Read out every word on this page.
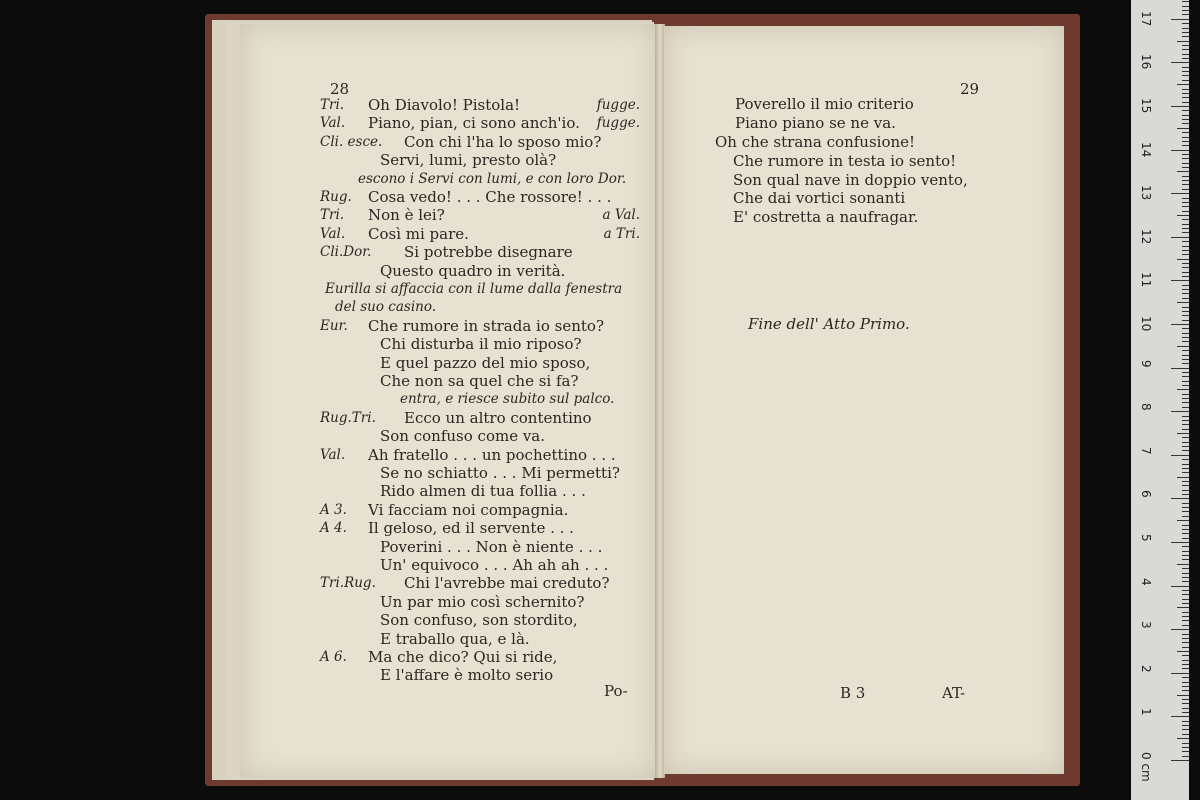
28
Tri. Oh Diavolo! Pistola!	fugge.
Val. Piano, pian, ci sono anch'io. fugge.
Cli. esce. Con chi l'ha lo sposo mio?
Servi, lumi, presto olà?
escono i Servi con lumi, e con loro Dor.
Rug. Cosa vedo! . . . Che rossore! . . .
Tri. Non è lei?	a Val.
Val. Così mi pare.	a Tri.
Cli.Dor. Si potrebbe disegnare
Questo quadro in verità.
Eurilla si affaccia con il lume dalla fenestra
del suo casino.
Eur. Che rumore in strada io sento?
Chi disturba il mio riposo?
E quel pazzo del mio sposo,
Che non sa quel che si fa?
entra, e riesce subito sul palco.
Rug.Tri. Ecco un altro contentino
Son confuso come va.
Val. Ah fratello . . . un pochettino . . .
Se no schiatto . . . Mi permetti?
Rido almen di tua follia . . .
A 3. Vi facciam noi compagnia.
A 4. Il geloso, ed il servente . . .
Poverini . . . Non è niente . . .
Un' equivoco . . . Ah ah ah . . .
Tri.Rug. Chi l'avrebbe mai creduto?
Un par mio così schernito?
Son confuso, son stordito,
E traballo qua, e là.
A 6. Ma che dico? Qui si ride,
E l'affare è molto serio
Po-
29
Poverello il mio criterio
Piano piano se ne va.
Oh che strana confusione!
Che rumore in testa io sento!
Son qual nave in doppio vento,
Che dai vortici sonanti
E' costretta a naufragar.
Fine dell' Atto Primo.
B 3	AT-
17
16
15
14
13
12
11
10
9
8
7
6
5
4
3
2
1
0 cm
